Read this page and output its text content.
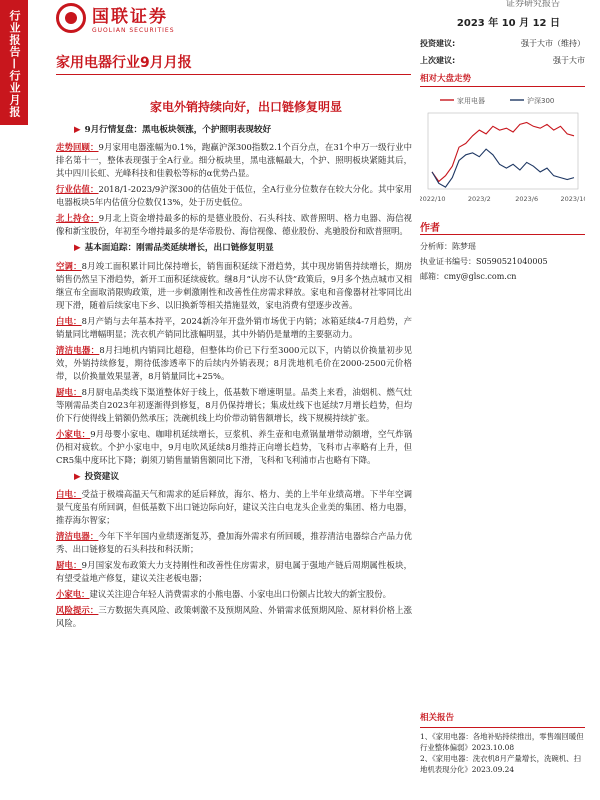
行业报告—行业月报	国联证券
GUOLIAN SECURITIES
证券研究报告
2023 年 10 月 12 日
家用电器行业9月月报
家电外销持续向好，出口链修复明显
▶ 9月行情复盘：黑电板块领涨，个护照明表现较好

走势回顾：9月家用电器涨幅为0.1%，跑赢沪深300指数2.1个百分点，在31个申万一级行业中排名第十一，整体表现强于全A行业。细分板块里，黑电涨幅最大，个护、照明板块紧随其后，其中四川长虹、光峰科技和佳毅松等标的α优势凸显。

行业估值：2018/1-2023/9沪深300的估值处于低位，全A行业分位数存在较大分化。其中家用电器板块5年内估值分位数仅13%，处于历史低位。

北上持仓：9月北上资金增持最多的标的是德业股份、石头科技、欧普照明、格力电器、海信视像和新宝股份，年初至今增持最多的是华帝股份、海信视像、德业股份、兆驰股份和欧普照明。

▶ 基本面追踪：刚需品类延续增长，出口链修复明显

空调：8月竣工面积累计同比保持增长，销售面积延续下滑趋势，其中现房销售持续增长，期房销售仍然呈下滑趋势，新开工面积延续疲软。继8月“认房不认贷”政策后，9月多个热点城市又相继宣布全面取消限购政策，进一步刺激刚性和改善性住房需求释放。家电和音像器材社零同比出现下滑，随着后续家电下乡、以旧换新等相关措施显效，家电消费有望逐步改善。

白电：8月产销与去年基本持平，2024新冷年开盘外销市场优于内销；冰箱延续4-7月趋势，产销量同比增幅明显；洗衣机产销同比涨幅明显，其中外销仍是量增的主要驱动力。

清洁电器：8月扫地机内销同比超稳，但整体均价已下行至3000元以下，内销以价换量初步见效，外销持续修复，期待低渗透率下的后续内外销表现；8月洗地机毛价在2000-2500元价格带，以价换量效果显著，8月销量同比+25%。

厨电：8月厨电品类线下渠道整体好于线上，低基数下增速明显。品类上来看，油烟机、燃气灶等刚需品类自2023年初逐渐得到修复，8月仍保持增长；集成灶线下也延续7月增长趋势，但均价下行使得线上销额仍然承压；洗碗机线上均价带动销售额增长，线下规模持续扩张。

小家电：9月母婴小家电、咖啡机延续增长，豆浆机、养生壶和电煮锅量增带动额增，空气炸锅仍相对疲软。个护小家电中，9月电吹风延续8月维持正向增长趋势，飞科市占率略有上升，但CR5集中度环比下降；剃须刀销售量销售额同比下滑，飞科和飞利浦市占也略有下降。

▶ 投资建议

白电：受益于极端高温天气和需求的延后释放，海尔、格力、美的上半年业绩高增。下半年空调景气度虽有所回调，但低基数下出口链边际向好，建议关注白电龙头企业美的集团、格力电器，推荐海尔智家；

清洁电器：今年下半年国内业绩逐渐复苏，叠加海外需求有所回暖，推荐清洁电器综合产品力优秀、出口链修复的石头科技和科沃斯；

厨电：9月国家发布政策大力支持刚性和改善性住房需求，厨电属于强地产链后周期属性板块，有望受益地产修复，建议关注老板电器；

小家电：建议关注迎合年轻人消费需求的小熊电器、小家电出口份额占比较大的新宝股份。

风险提示：三方数据失真风险、政策刺激不及预期风险、外销需求低预期风险、原材料价格上涨风险。

投资建议:	强于大市（维持）
上次建议:	强于大市
相对大盘走势
家用电器	沪深300
2022/10	2023/2	2023/6	2023/10
作者
分析师：陈梦瑶
执业证书编号：S0590521040005
邮箱：cmy@glsc.com.cn
相关报告
1、《家用电器：各地补贴持续推出，零售端回暖但行业整体偏弱》2023.10.08
2、《家用电器：洗衣机8月产量增长，洗碗机、扫地机表现分化》2023.09.24
